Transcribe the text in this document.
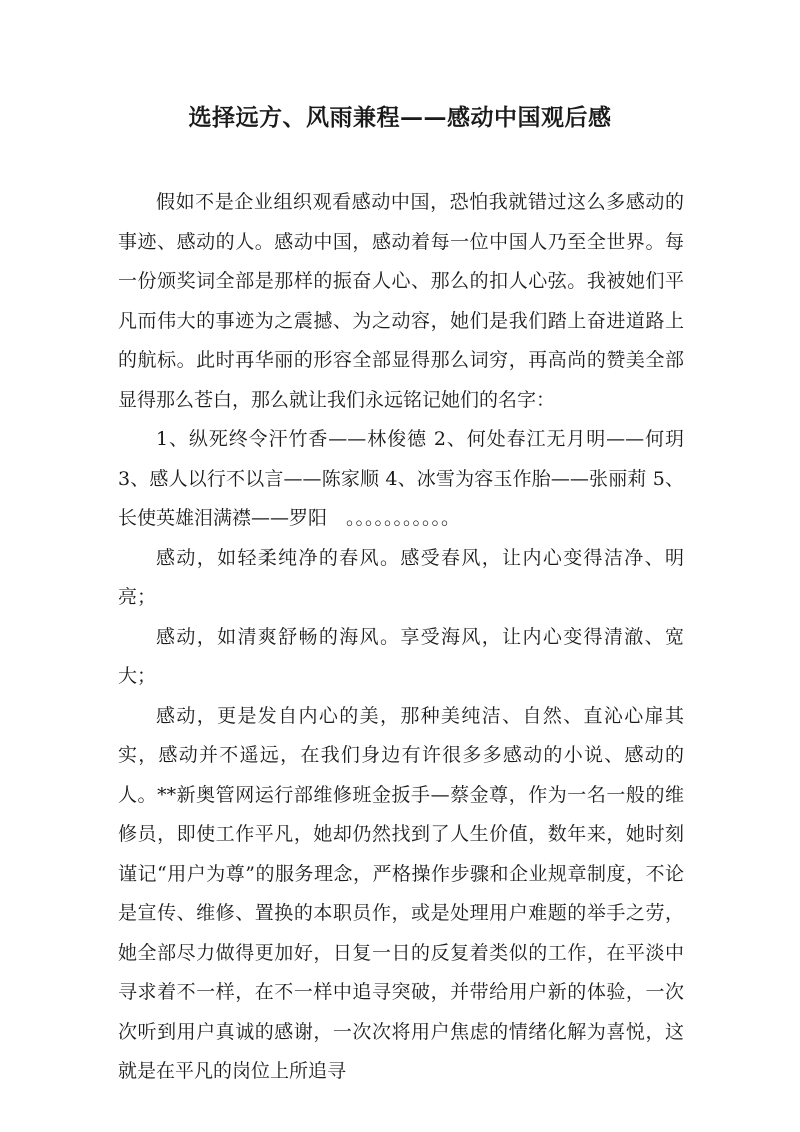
选择远方、风雨兼程——感动中国观后感

假如不是企业组织观看感动中国，恐怕我就错过这么多感动的事迹、感动的人。感动中国，感动着每一位中国人乃至全世界。每一份颁奖词全部是那样的振奋人心、那么的扣人心弦。我被她们平凡而伟大的事迹为之震撼、为之动容，她们是我们踏上奋进道路上的航标。此时再华丽的形容全部显得那么词穷，再高尚的赞美全部显得那么苍白，那么就让我们永远铭记她们的名字：

1、纵死终令汗竹香——林俊德 2、何处春江无月明——何玥 3、感人以行不以言——陈家顺 4、冰雪为容玉作胎——张丽莉 5、长使英雄泪满襟——罗阳　。。。。。。。。。。。

感动，如轻柔纯净的春风。感受春风，让内心变得洁净、明亮；

感动，如清爽舒畅的海风。享受海风，让内心变得清澈、宽大；

感动，更是发自内心的美，那种美纯洁、自然、直沁心扉其实，感动并不遥远，在我们身边有许很多多感动的小说、感动的人。**新奥管网运行部维修班金扳手—蔡金尊，作为一名一般的维修员，即使工作平凡，她却仍然找到了人生价值，数年来，她时刻谨记“用户为尊”的服务理念，严格操作步骤和企业规章制度，不论是宣传、维修、置换的本职员作，或是处理用户难题的举手之劳，她全部尽力做得更加好，日复一日的反复着类似的工作，在平淡中寻求着不一样，在不一样中追寻突破，并带给用户新的体验，一次次听到用户真诚的感谢，一次次将用户焦虑的情绪化解为喜悦，这就是在平凡的岗位上所追寻
